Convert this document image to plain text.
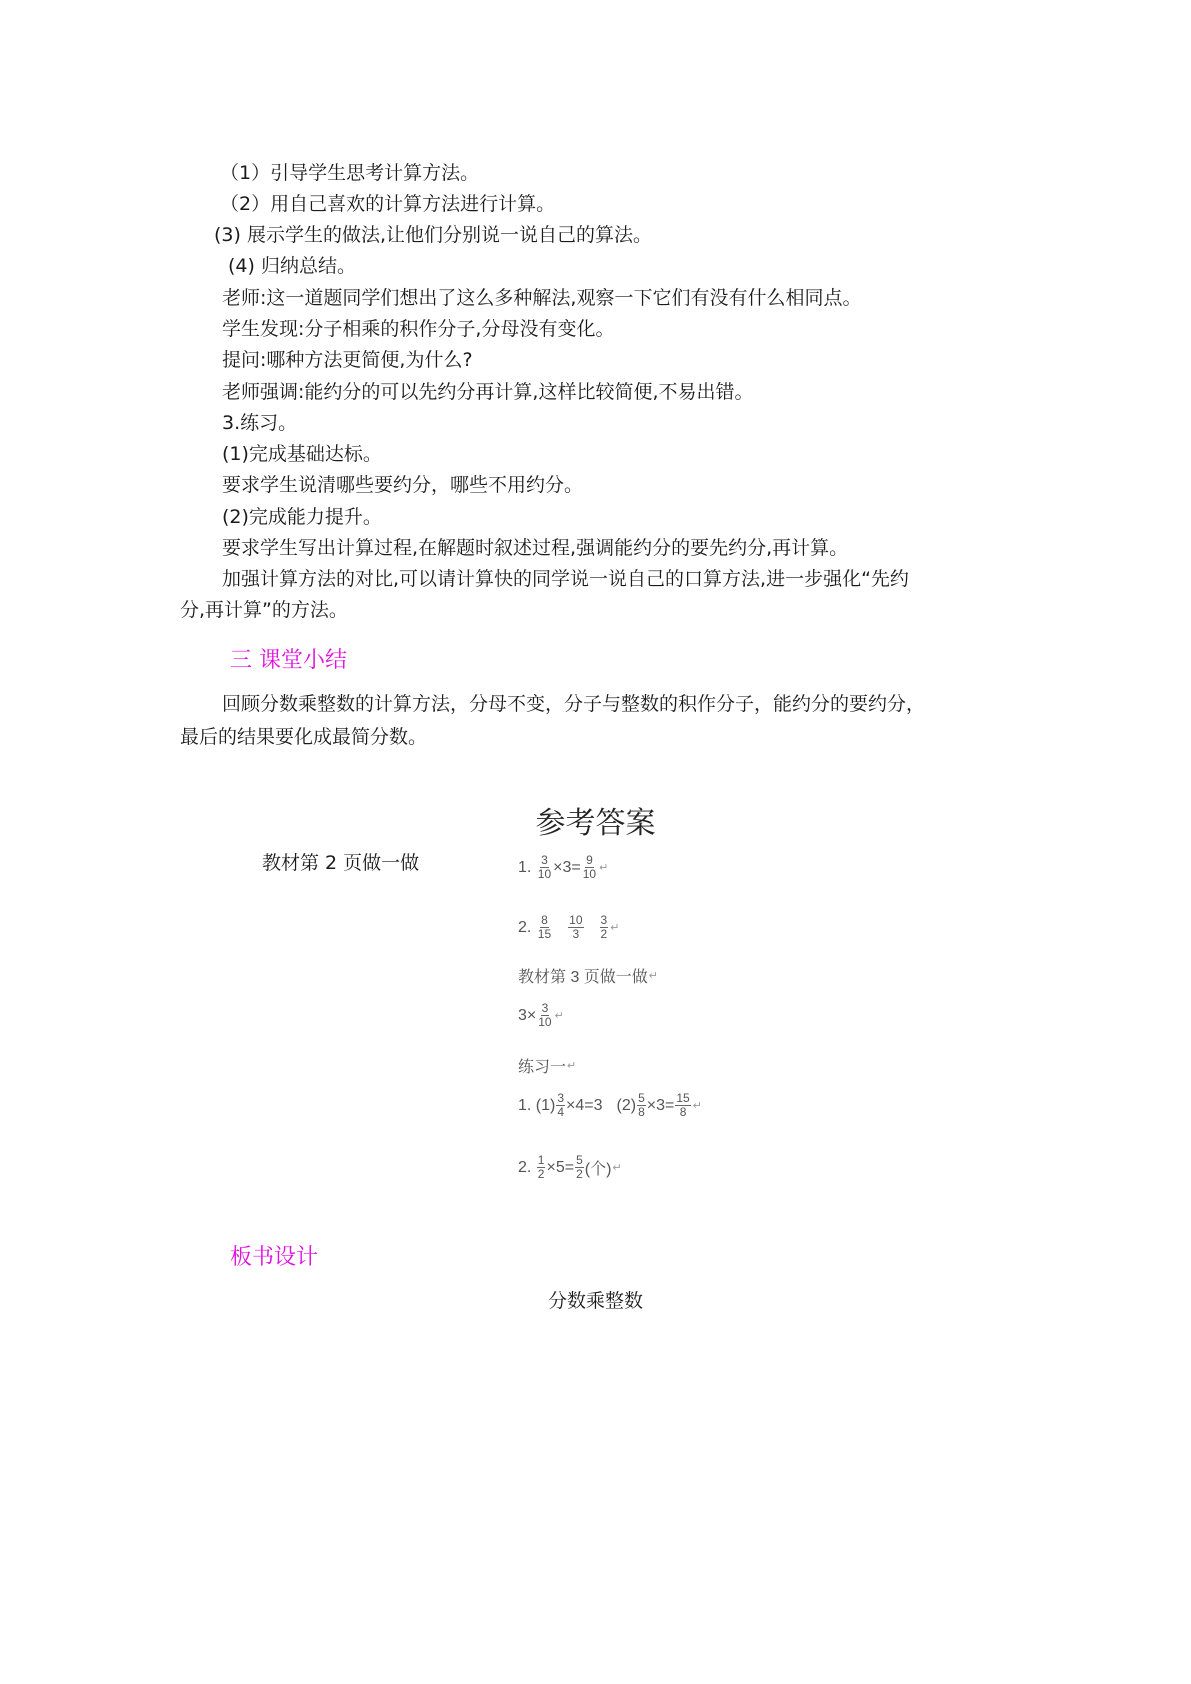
（1）引导学生思考计算方法。
（2）用自己喜欢的计算方法进行计算。
(3) 展示学生的做法,让他们分别说一说自己的算法。
(4) 归纳总结。
老师:这一道题同学们想出了这么多种解法,观察一下它们有没有什么相同点。
学生发现:分子相乘的积作分子,分母没有变化。
提问:哪种方法更简便,为什么?
老师强调:能约分的可以先约分再计算,这样比较简便,不易出错。
3.练习。
(1)完成基础达标。
要求学生说清哪些要约分，哪些不用约分。
(2)完成能力提升。
要求学生写出计算过程,在解题时叙述过程,强调能约分的要先约分,再计算。
加强计算方法的对比,可以请计算快的同学说一说自己的口算方法,进一步强化“先约
分,再计算”的方法。
三 课堂小结
回顾分数乘整数的计算方法，分母不变，分子与整数的积作分子，能约分的要约分，
最后的结果要化成最简分数。
参考答案
教材第 2 页做一做	1.
$\frac{3}{10} \times 3= \frac{9}{10}$ ↵
2.
$\frac{8}{15} \frac{10}{3} \frac{3}{2}$ ↵
教材第 3 页做一做 ↵
$3\times \frac{3}{10}$ ↵
练习一 ↵
1. $(1) \frac{3}{4} \times 4=3$ $(2) \frac{5}{8} \times 3= \frac{15}{8}$ ↵
2.
$\frac{1}{2} \times 5= \frac{5}{2}$ (个) ↵
板书设计
分数乘整数
